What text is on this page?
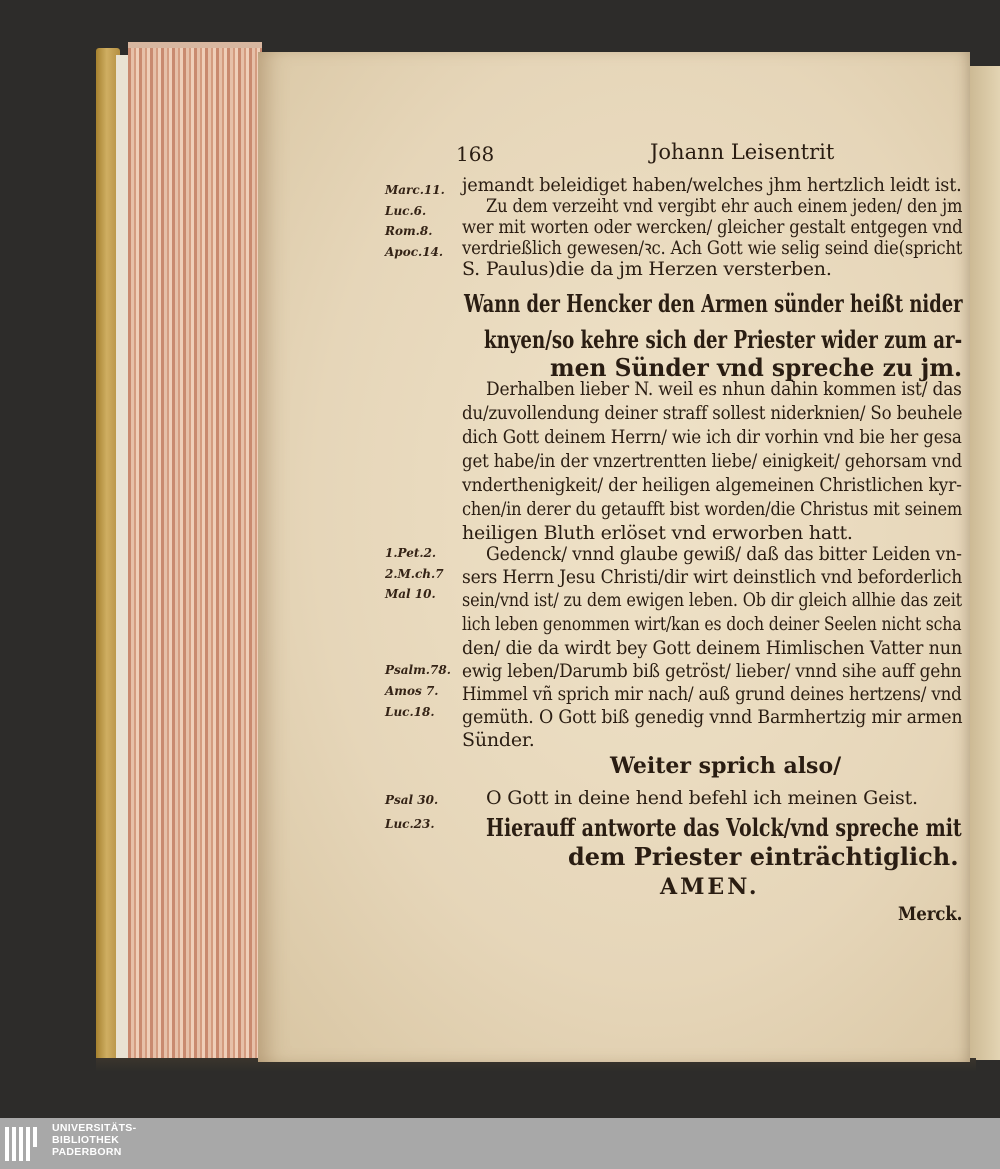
168	Johann Leisentrit
Marc.11.
Luc.6.
Rom.8.
Apoc.14.
1.Pet.2.
2.M.ch.7
Mal 10.
Psalm.78.
Amos 7.
Luc.18.
Psal 30.
Luc.23.
jemandt beleidiget haben/welches jhm hertzlich leidt ist.
Zu dem verzeiht vnd vergibt ehr auch einem jeden/ den jm
wer mit worten oder wercken/ gleicher gestalt entgegen vnd
verdrießlich gewesen/ꝛc. Ach Gott wie selig seind die(spricht
S. Paulus)die da jm Herzen versterben.
Wann der Hencker den Armen sünder heißt nider
knyen/so kehre sich der Priester wider zum ar-
men Sünder vnd spreche zu jm.
Derhalben lieber N. weil es nhun dahin kommen ist/ das
du/zuvollendung deiner straff sollest niderknien/ So beuhele
dich Gott deinem Herrn/ wie ich dir vorhin vnd bie her gesa
get habe/in der vnzertrentten liebe/ einigkeit/ gehorsam vnd
vnderthenigkeit/ der heiligen algemeinen Christlichen kyr-
chen/in derer du getaufft bist worden/die Christus mit seinem
heiligen Bluth erlöset vnd erworben hatt.
Gedenck/ vnnd glaube gewiß/ daß das bitter Leiden vn-
sers Herrn Jesu Christi/dir wirt deinstlich vnd beforderlich
sein/vnd ist/ zu dem ewigen leben. Ob dir gleich allhie das zeit
lich leben genommen wirt/kan es doch deiner Seelen nicht scha
den/ die da wirdt bey Gott deinem Himlischen Vatter nun
ewig leben/Darumb biß getröst/ lieber/ vnnd sihe auff gehn
Himmel vñ sprich mir nach/ auß grund deines hertzens/ vnd
gemüth. O Gott biß genedig vnnd Barmhertzig mir armen
Sünder.
Weiter sprich also/
O Gott in deine hend befehl ich meinen Geist.
Hierauff antworte das Volck/vnd spreche mit
dem Priester einträchtiglich.
AMEN.
Merck.
UNIVERSITÄTS-
BIBLIOTHEK
PADERBORN
